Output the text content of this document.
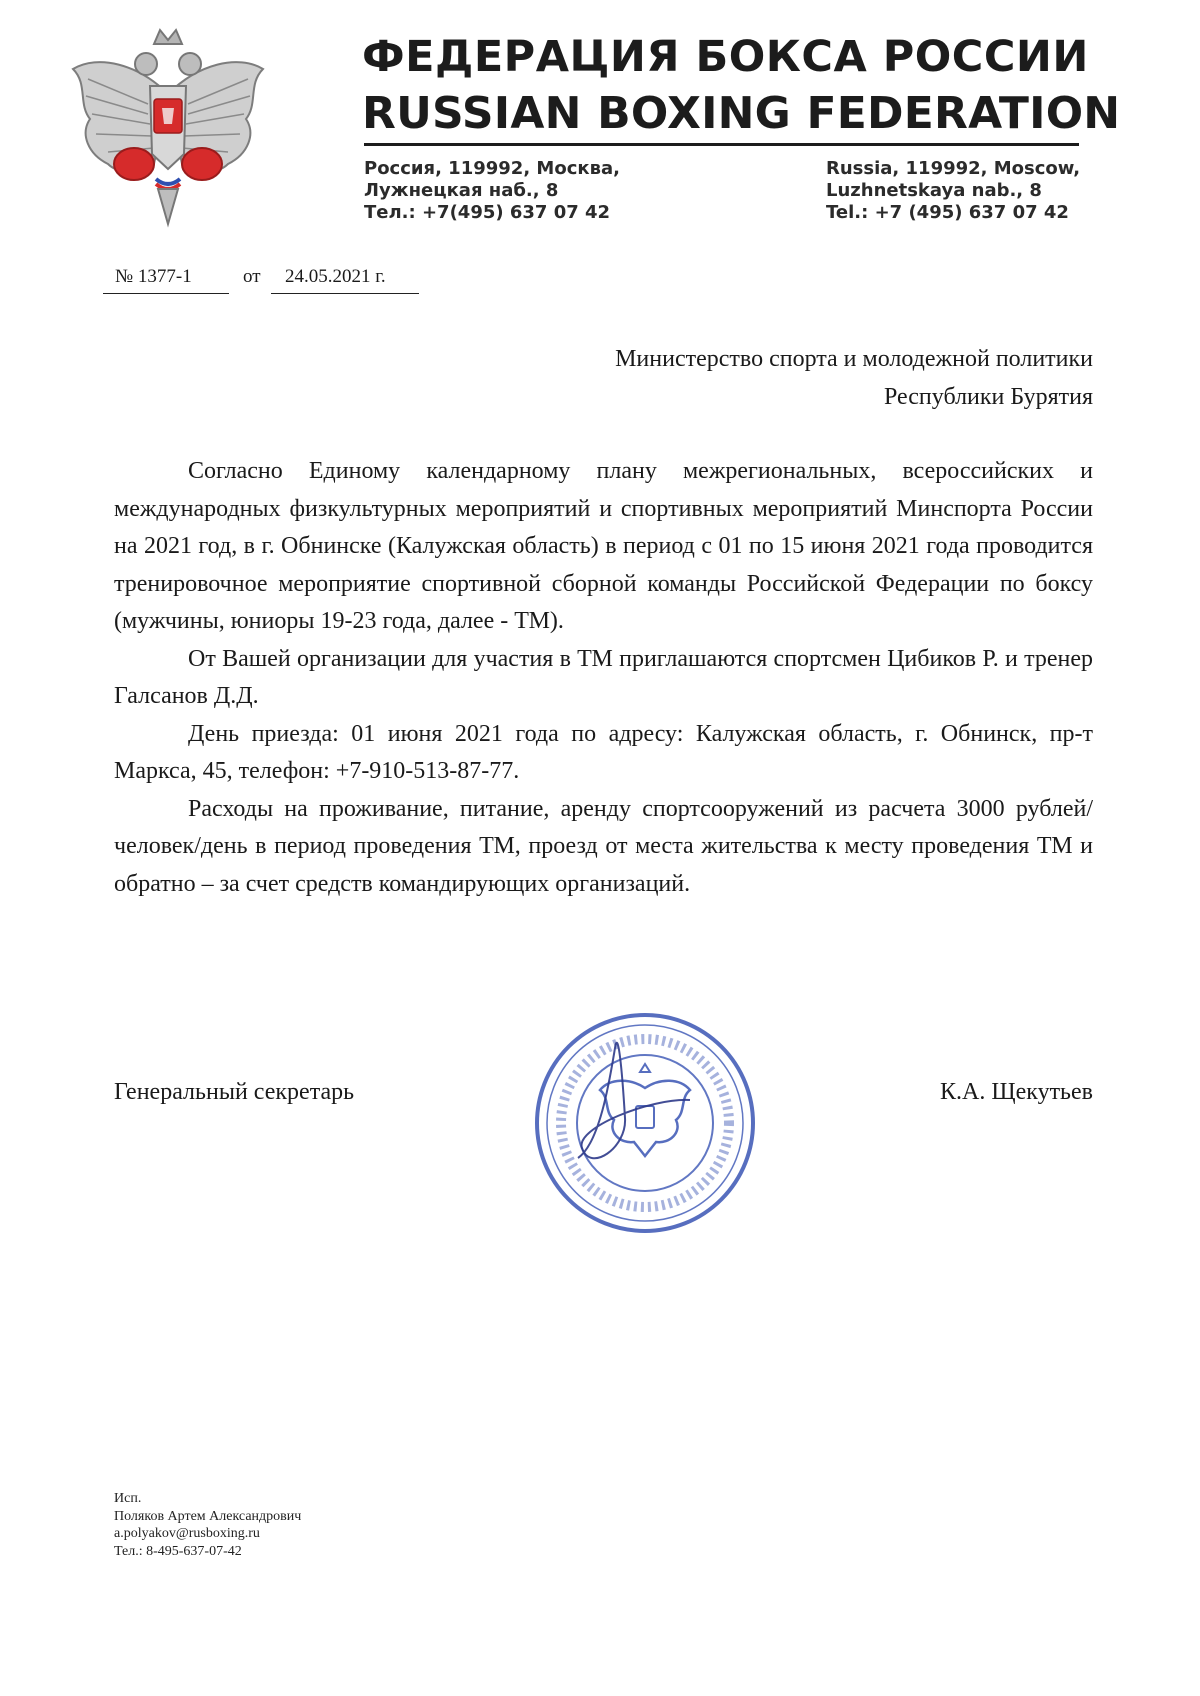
ФЕДЕРАЦИЯ БОКСА РОССИИ
RUSSIAN BOXING FEDERATION
Россия, 119992, Москва,
Лужнецкая наб., 8
Тел.: +7(495) 637 07 42
Russia, 119992, Moscow,
Luzhnetskaya nab., 8
Tel.: +7 (495) 637 07 42
№ 1377-1	от 24.05.2021 г.
Министерство спорта и молодежной политики
Республики Бурятия

Согласно Единому календарному плану межрегиональных, всероссийских и международных физкультурных мероприятий и спортивных мероприятий Минспорта России на 2021 год, в г. Обнинске (Калужская область) в период с 01 по 15 июня 2021 года проводится тренировочное мероприятие спортивной сборной команды Российской Федерации по боксу (мужчины, юниоры 19-23 года, далее - ТМ).

От Вашей организации для участия в ТМ приглашаются спортсмен Цибиков Р. и тренер Галсанов Д.Д.

День приезда: 01 июня 2021 года по адресу: Калужская область, г. Обнинск, пр-т Маркса, 45, телефон: +7-910-513-87-77.

Расходы на проживание, питание, аренду спортсооружений из расчета 3000 рублей/человек/день в период проведения ТМ, проезд от места жительства к месту проведения ТМ и обратно – за счет средств командирующих организаций.

Генеральный секретарь	К.А. Щекутьев
Исп.
Поляков Артем Александрович
a.polyakov@rusboxing.ru
Тел.: 8-495-637-07-42
